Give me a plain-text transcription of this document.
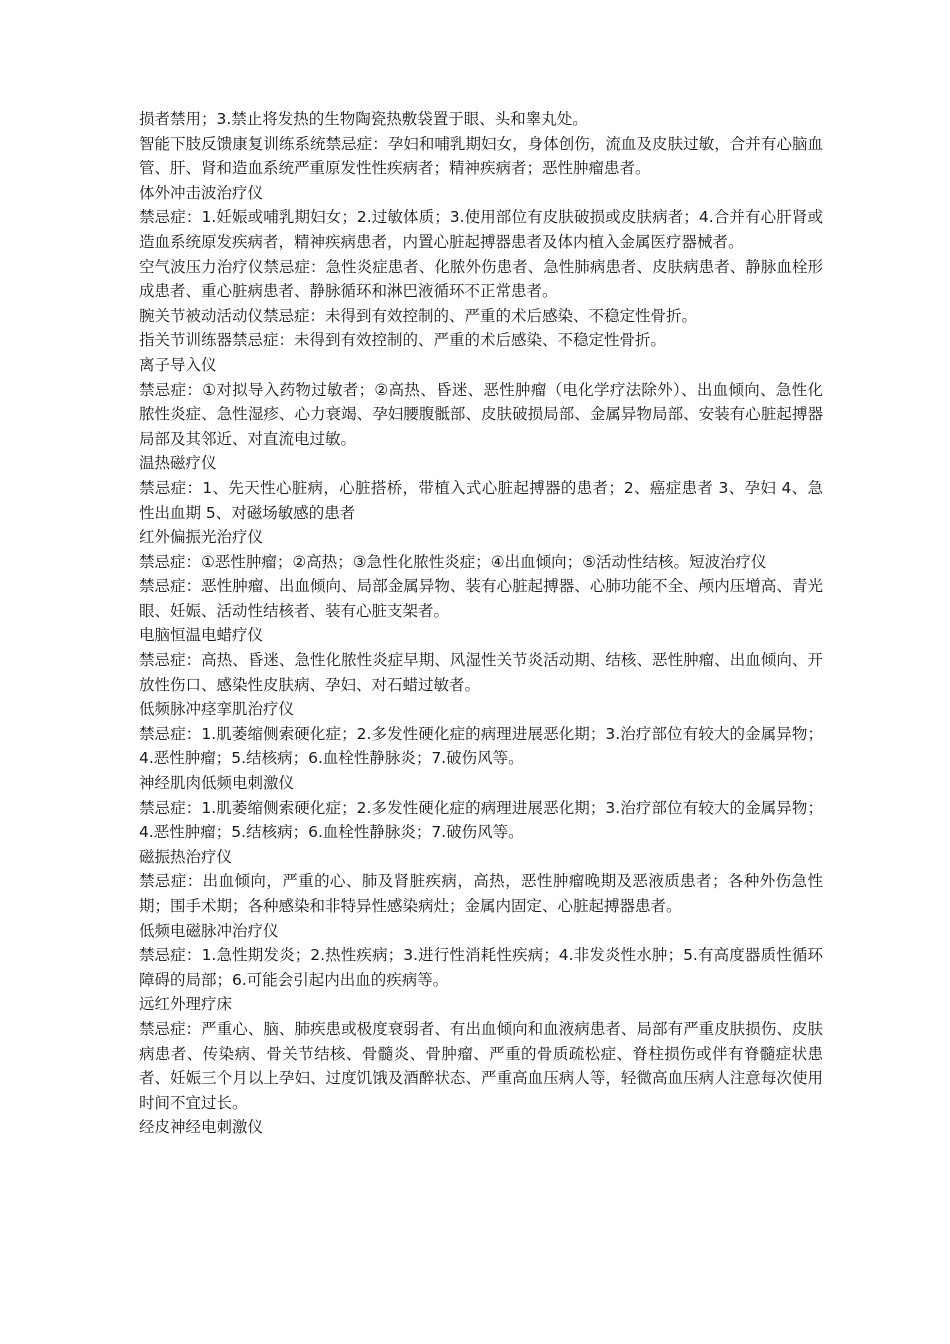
损者禁用；3.禁止将发热的生物陶瓷热敷袋置于眼、头和睾丸处。

智能下肢反馈康复训练系统禁忌症：孕妇和哺乳期妇女，身体创伤，流血及皮肤过敏，合并有心脑血管、肝、肾和造血系统严重原发性性疾病者；精神疾病者；恶性肿瘤患者。

体外冲击波治疗仪

禁忌症：1.妊娠或哺乳期妇女；2.过敏体质；3.使用部位有皮肤破损或皮肤病者；4.合并有心肝肾或造血系统原发疾病者，精神疾病患者，内置心脏起搏器患者及体内植入金属医疗器械者。

空气波压力治疗仪禁忌症：急性炎症患者、化脓外伤患者、急性肺病患者、皮肤病患者、静脉血栓形成患者、重心脏病患者、静脉循环和淋巴液循环不正常患者。

腕关节被动活动仪禁忌症：未得到有效控制的、严重的术后感染、不稳定性骨折。

指关节训练器禁忌症：未得到有效控制的、严重的术后感染、不稳定性骨折。

离子导入仪

禁忌症：①对拟导入药物过敏者；②高热、昏迷、恶性肿瘤（电化学疗法除外）、出血倾向、急性化脓性炎症、急性湿疹、心力衰竭、孕妇腰腹骶部、皮肤破损局部、金属异物局部、安装有心脏起搏器局部及其邻近、对直流电过敏。

温热磁疗仪

禁忌症：1、先天性心脏病，心脏搭桥，带植入式心脏起搏器的患者；2、癌症患者 3、孕妇 4、急性出血期 5、对磁场敏感的患者

红外偏振光治疗仪

禁忌症：①恶性肿瘤；②高热；③急性化脓性炎症；④出血倾向；⑤活动性结核。短波治疗仪

禁忌症：恶性肿瘤、出血倾向、局部金属异物、装有心脏起搏器、心肺功能不全、颅内压增高、青光眼、妊娠、活动性结核者、装有心脏支架者。

电脑恒温电蜡疗仪

禁忌症：高热、昏迷、急性化脓性炎症早期、风湿性关节炎活动期、结核、恶性肿瘤、出血倾向、开放性伤口、感染性皮肤病、孕妇、对石蜡过敏者。

低频脉冲痉挛肌治疗仪

禁忌症：1.肌萎缩侧索硬化症；2.多发性硬化症的病理进展恶化期；3.治疗部位有较大的金属异物；4.恶性肿瘤；5.结核病；6.血栓性静脉炎；7.破伤风等。

神经肌肉低频电刺激仪

禁忌症：1.肌萎缩侧索硬化症；2.多发性硬化症的病理进展恶化期；3.治疗部位有较大的金属异物；4.恶性肿瘤；5.结核病；6.血栓性静脉炎；7.破伤风等。

磁振热治疗仪

禁忌症：出血倾向，严重的心、肺及肾脏疾病，高热，恶性肿瘤晚期及恶液质患者；各种外伤急性期；围手术期；各种感染和非特异性感染病灶；金属内固定、心脏起搏器患者。

低频电磁脉冲治疗仪

禁忌症：1.急性期发炎；2.热性疾病；3.进行性消耗性疾病；4.非发炎性水肿；5.有高度器质性循环障碍的局部；6.可能会引起内出血的疾病等。

远红外理疗床

禁忌症：严重心、脑、肺疾患或极度衰弱者、有出血倾向和血液病患者、局部有严重皮肤损伤、皮肤病患者、传染病、骨关节结核、骨髓炎、骨肿瘤、严重的骨质疏松症、脊柱损伤或伴有脊髓症状患者、妊娠三个月以上孕妇、过度饥饿及酒醉状态、严重高血压病人等，轻微高血压病人注意每次使用时间不宜过长。

经皮神经电刺激仪
